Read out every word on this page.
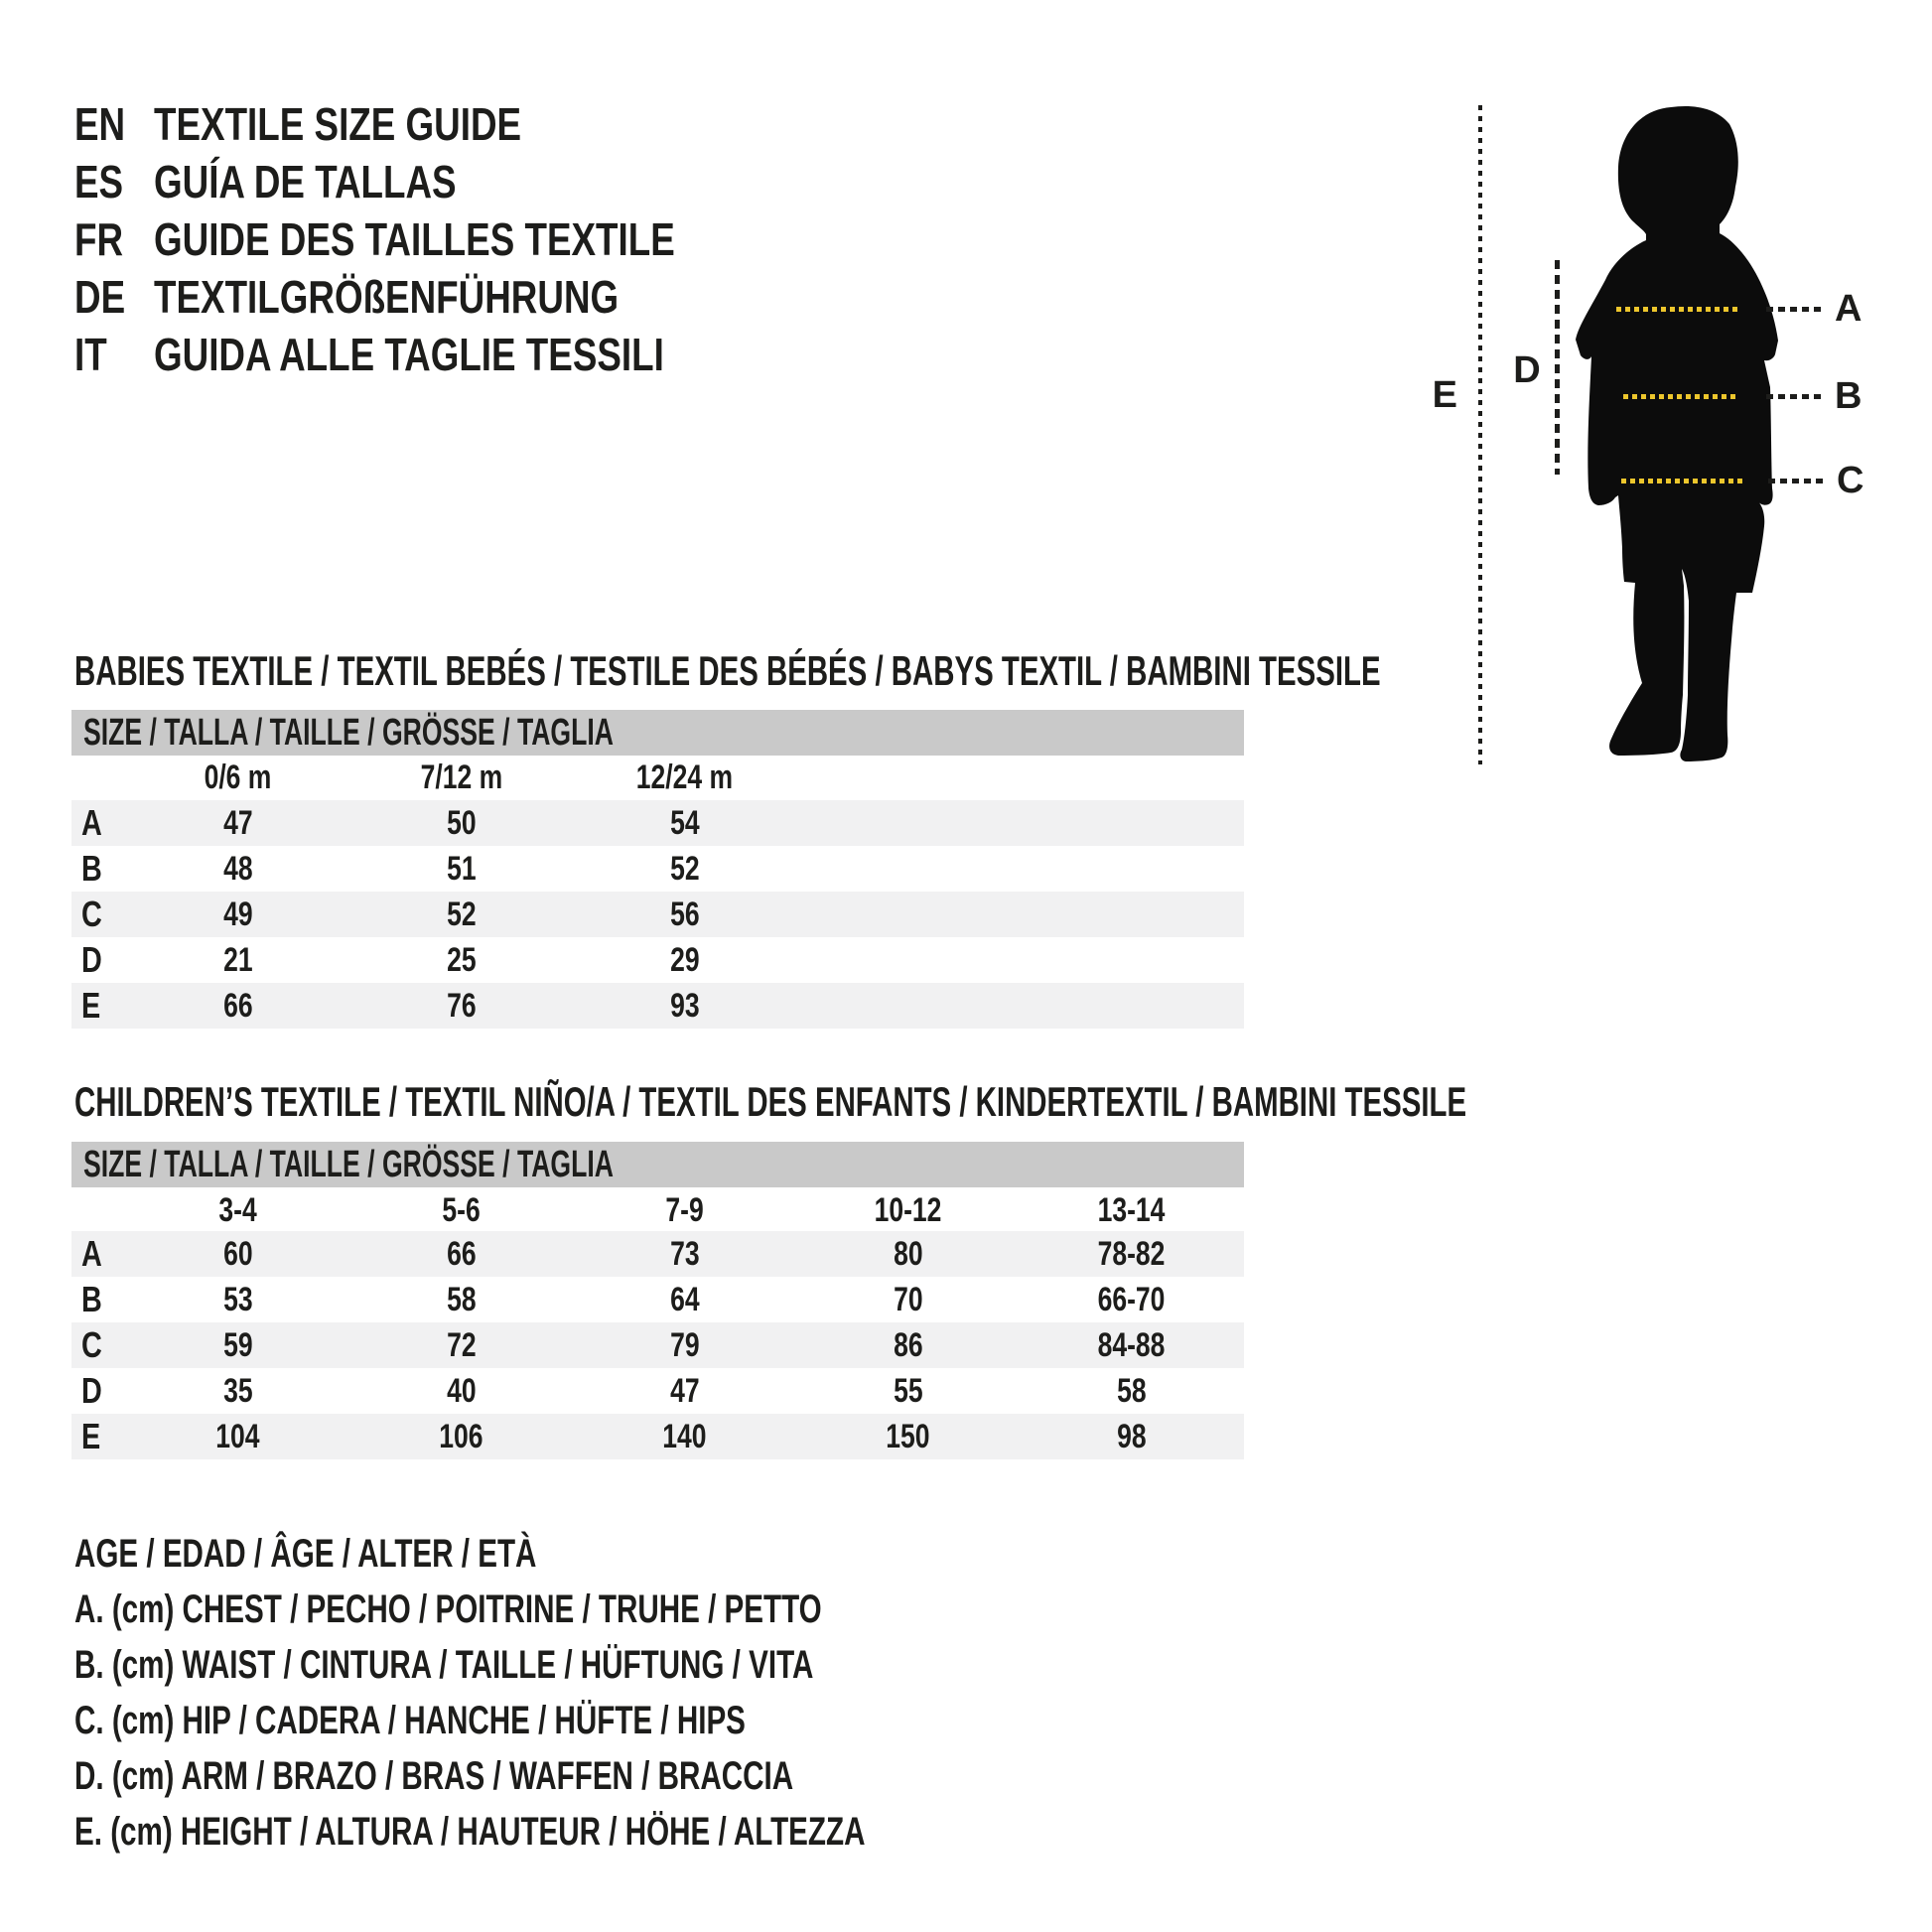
EN TEXTILE SIZE GUIDE
ES GUÍA DE TALLAS
FR GUIDE DES TAILLES TEXTILE
DE TEXTILGRÖßENFÜHRUNG
IT	GUIDA ALLE TAGLIE TESSILI
E
D
A
B
C
BABIES TEXTILE / TEXTIL BEBÉS / TESTILE DES BÉBÉS / BABYS TEXTIL / BAMBINI TESSILE
SIZE / TALLA / TAILLE / GRÖSSE / TAGLIA
0/6 m	7/12 m	12/24 m
A	47	50	54
B	48	51	52
C	49	52	56
D	21	25	29
E	66	76	93
CHILDREN’S TEXTILE / TEXTIL NIÑO/A / TEXTIL DES ENFANTS / KINDERTEXTIL / BAMBINI TESSILE
SIZE / TALLA / TAILLE / GRÖSSE / TAGLIA
3-4	5-6	7-9	10-12	13-14
A	60	66	73	80	78-82
B	53	58	64	70	66-70
C	59	72	79	86	84-88
D	35	40	47	55	58
E	104	106	140	150	98
AGE / EDAD / ÂGE / ALTER / ETÀ
A. (cm) CHEST / PECHO / POITRINE / TRUHE / PETTO
B. (cm) WAIST / CINTURA / TAILLE / HÜFTUNG / VITA
C. (cm) HIP / CADERA / HANCHE / HÜFTE / HIPS
D. (cm) ARM / BRAZO / BRAS / WAFFEN / BRACCIA
E. (cm) HEIGHT / ALTURA / HAUTEUR / HÖHE / ALTEZZA
